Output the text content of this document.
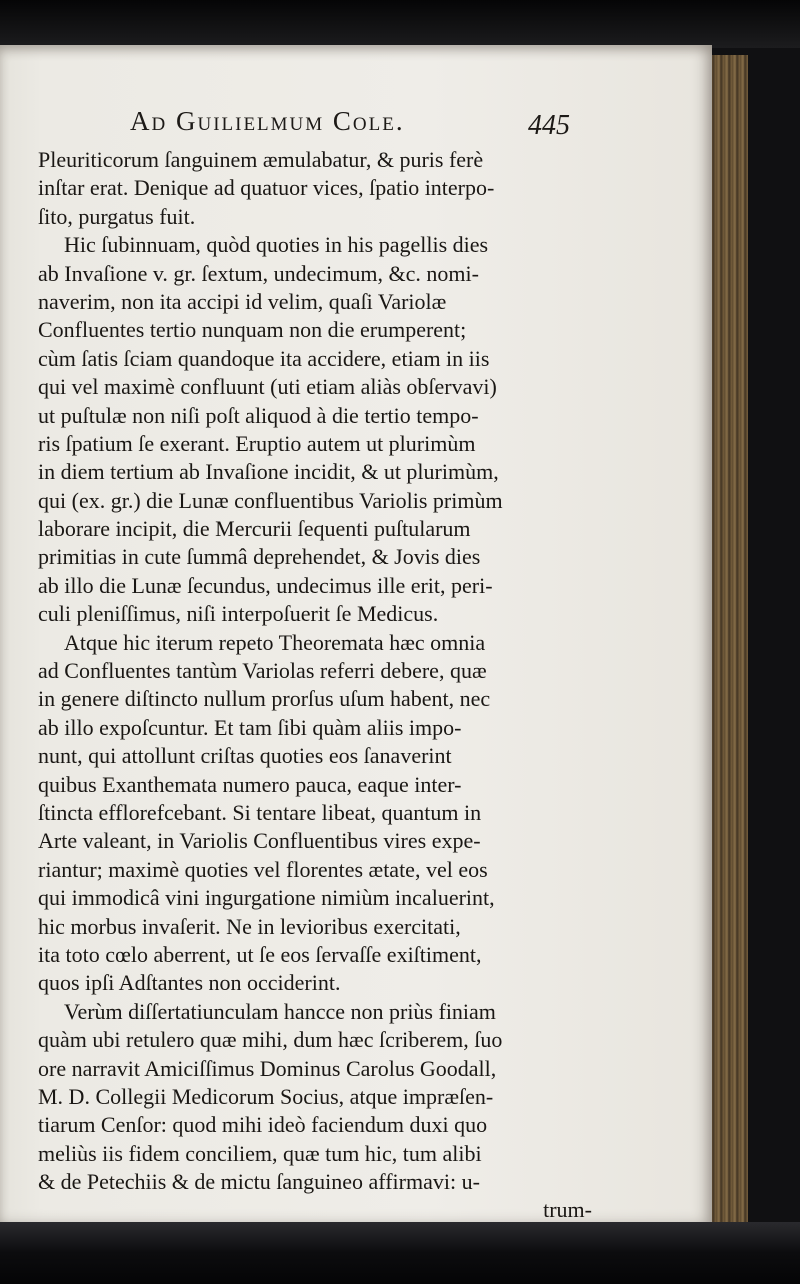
Ad Guilielmum Cole.	445
Pleuriticorum ſanguinem æmulabatur, & puris ferè
inſtar erat. Denique ad quatuor vices, ſpatio interpo-
ſito, purgatus fuit.
Hic ſubinnuam, quòd quoties in his pagellis dies
ab Invaſione v. gr. ſextum, undecimum, &c. nomi-
naverim, non ita accipi id velim, quaſi Variolæ
Confluentes tertio nunquam non die erumperent;
cùm ſatis ſciam quandoque ita accidere, etiam in iis
qui vel maximè confluunt (uti etiam aliàs obſervavi)
ut puſtulæ non niſi poſt aliquod à die tertio tempo-
ris ſpatium ſe exerant. Eruptio autem ut plurimùm
in diem tertium ab Invaſione incidit, & ut plurimùm,
qui (ex. gr.) die Lunæ confluentibus Variolis primùm
laborare incipit, die Mercurii ſequenti puſtularum
primitias in cute ſummâ deprehendet, & Jovis dies
ab illo die Lunæ ſecundus, undecimus ille erit, peri-
culi pleniſſimus, niſi interpoſuerit ſe Medicus.
Atque hic iterum repeto Theoremata hæc omnia
ad Confluentes tantùm Variolas referri debere, quæ
in genere diſtincto nullum prorſus uſum habent, nec
ab illo expoſcuntur. Et tam ſibi quàm aliis impo-
nunt, qui attollunt criſtas quoties eos ſanaverint
quibus Exanthemata numero pauca, eaque inter-
ſtincta efflorefcebant. Si tentare libeat, quantum in
Arte valeant, in Variolis Confluentibus vires expe-
riantur; maximè quoties vel florentes ætate, vel eos
qui immodicâ vini ingurgatione nimiùm incaluerint,
hic morbus invaſerit. Ne in levioribus exercitati,
ita toto cœlo aberrent, ut ſe eos ſervaſſe exiſtiment,
quos ipſi Adſtantes non occiderint.
Verùm diſſertatiunculam hancce non priùs finiam
quàm ubi retulero quæ mihi, dum hæc ſcriberem, ſuo
ore narravit Amiciſſimus Dominus Carolus Goodall,
M. D. Collegii Medicorum Socius, atque impræſen-
tiarum Cenſor: quod mihi ideò faciendum duxi quo
meliùs iis fidem conciliem, quæ tum hic, tum alibi
& de Petechiis & de mictu ſanguineo affirmavi: u-
trum-
